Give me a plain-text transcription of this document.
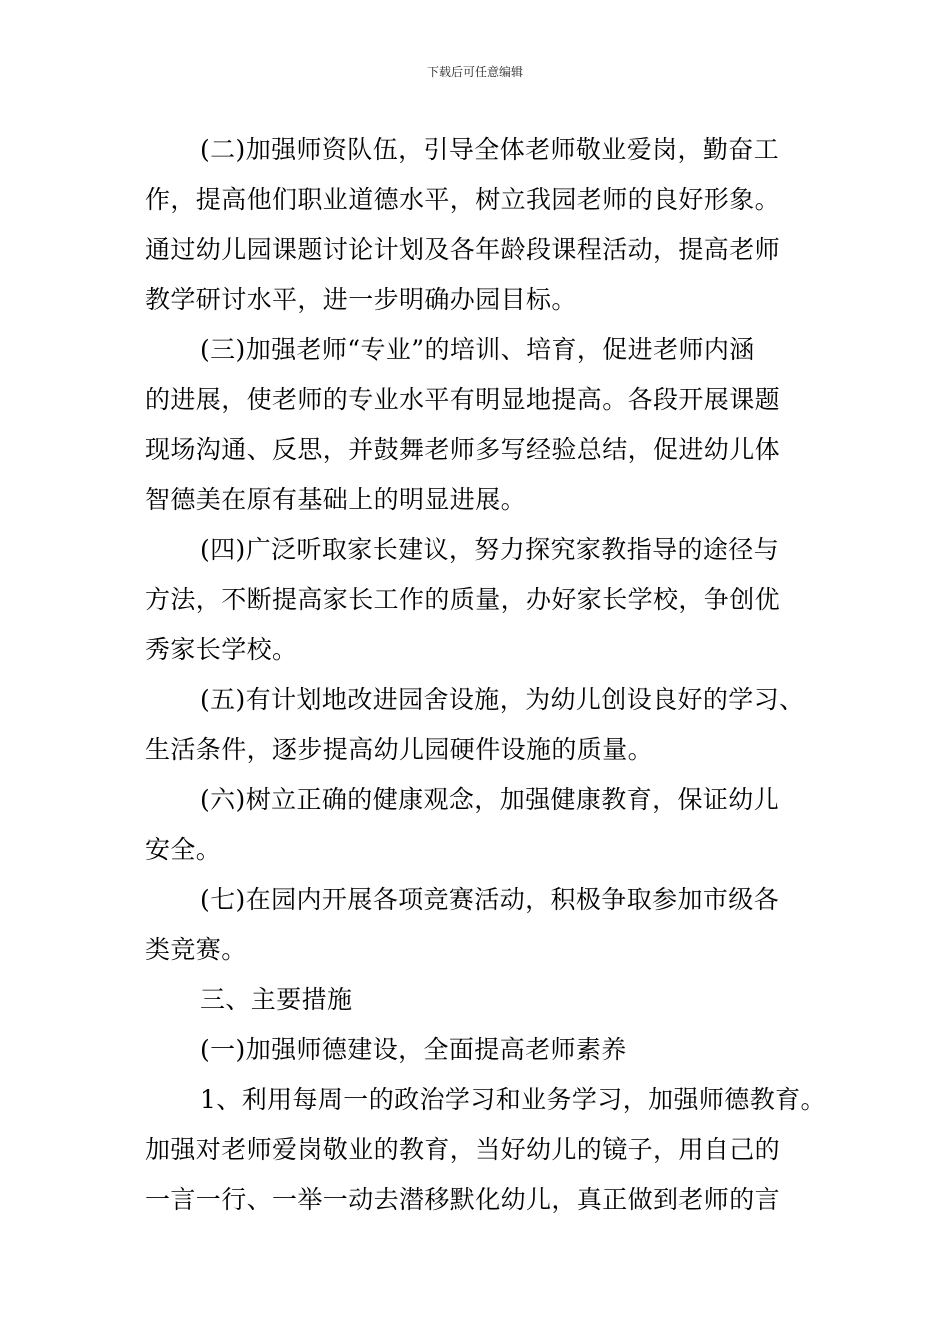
下载后可任意编辑
(二)加强师资队伍，引导全体老师敬业爱岗，勤奋工
作，提高他们职业道德水平，树立我园老师的良好形象。
通过幼儿园课题讨论计划及各年龄段课程活动，提高老师
教学研讨水平，进一步明确办园目标。
(三)加强老师“专业”的培训、培育，促进老师内涵
的进展，使老师的专业水平有明显地提高。各段开展课题
现场沟通、反思，并鼓舞老师多写经验总结，促进幼儿体
智德美在原有基础上的明显进展。
(四)广泛听取家长建议，努力探究家教指导的途径与
方法，不断提高家长工作的质量，办好家长学校，争创优
秀家长学校。
(五)有计划地改进园舍设施，为幼儿创设良好的学习、
生活条件，逐步提高幼儿园硬件设施的质量。
(六)树立正确的健康观念，加强健康教育，保证幼儿
安全。
(七)在园内开展各项竞赛活动，积极争取参加市级各
类竞赛。
三、主要措施
(一)加强师德建设，全面提高老师素养
1、利用每周一的政治学习和业务学习，加强师德教育。
加强对老师爱岗敬业的教育，当好幼儿的镜子，用自己的
一言一行、一举一动去潜移默化幼儿，真正做到老师的言
